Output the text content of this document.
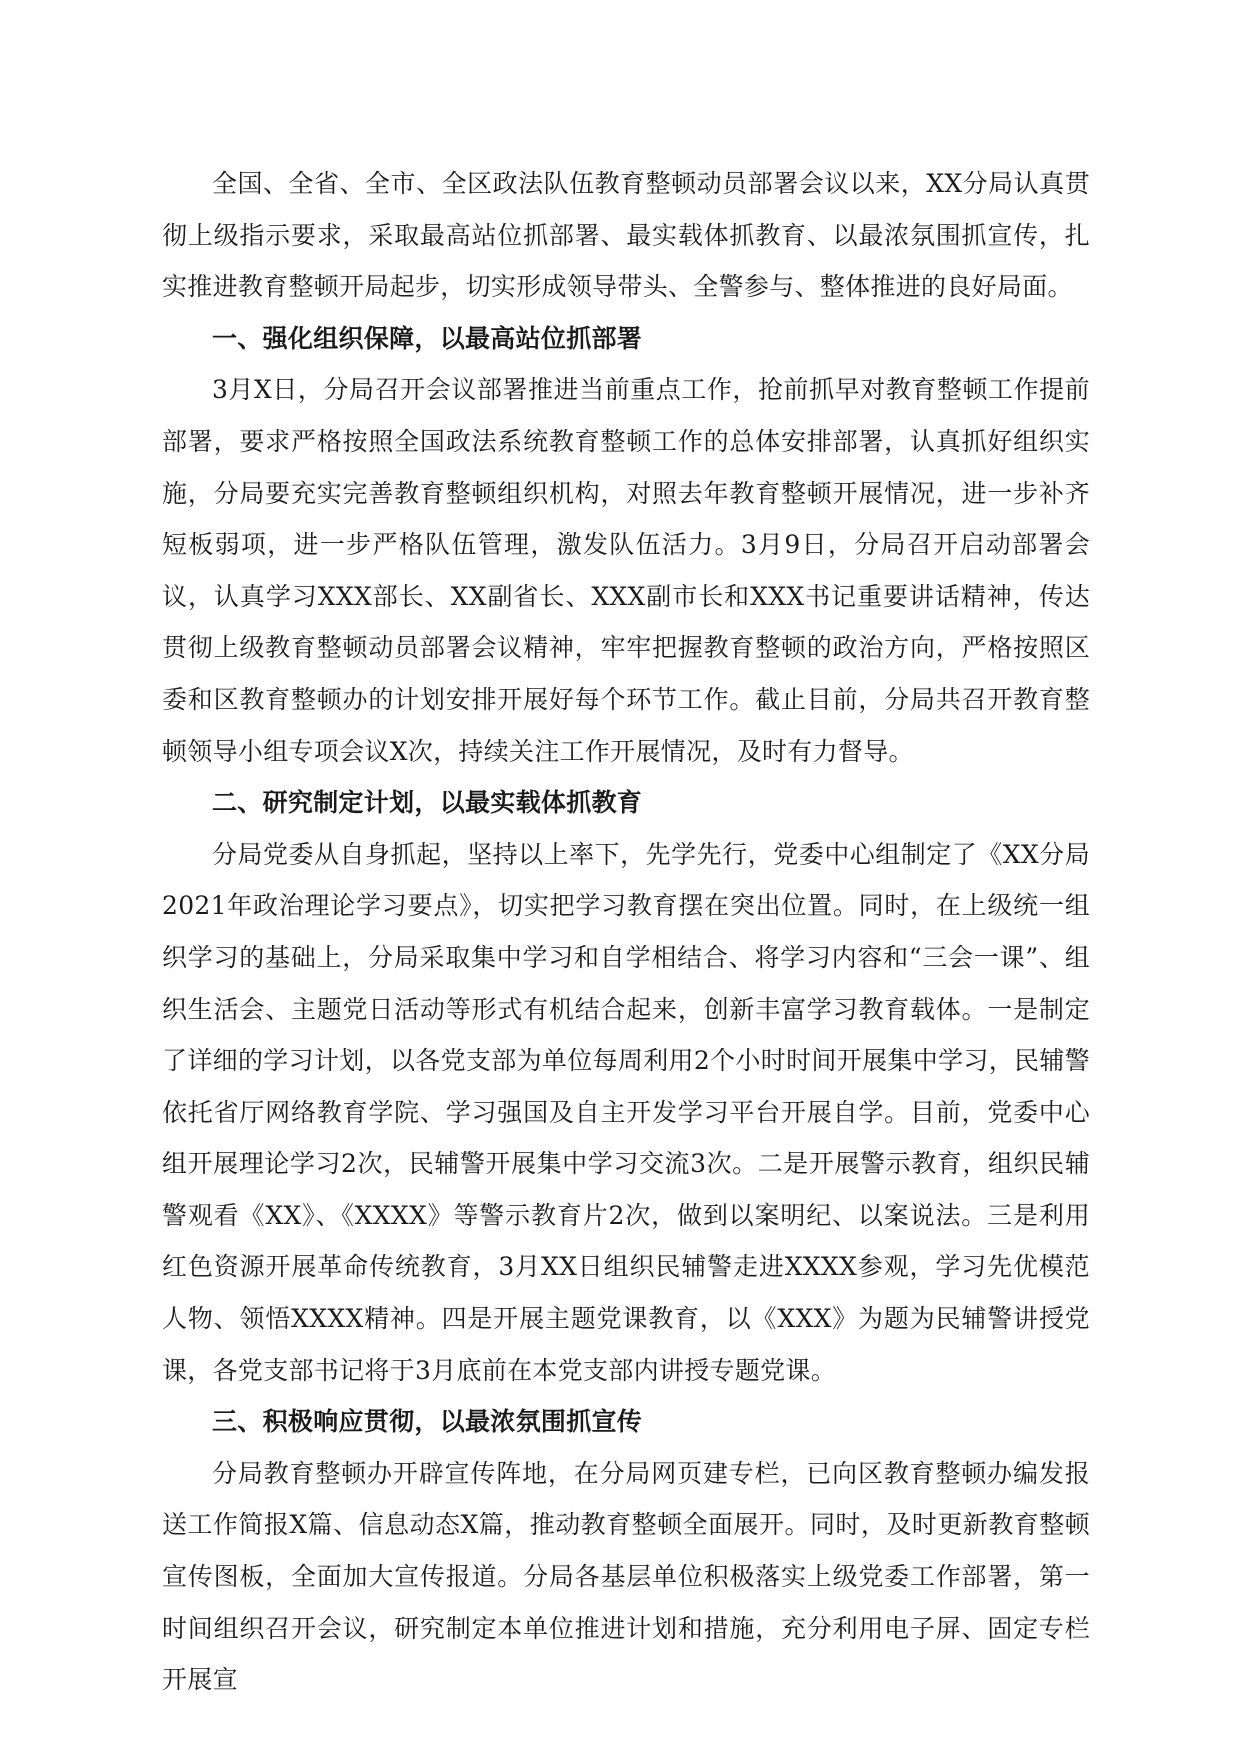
全国、全省、全市、全区政法队伍教育整顿动员部署会议以来，XX分局认真贯彻上级指示要求，采取最高站位抓部署、最实载体抓教育、以最浓氛围抓宣传，扎实推进教育整顿开局起步，切实形成领导带头、全警参与、整体推进的良好局面。

一、强化组织保障，以最高站位抓部署

3月X日，分局召开会议部署推进当前重点工作，抢前抓早对教育整顿工作提前部署，要求严格按照全国政法系统教育整顿工作的总体安排部署，认真抓好组织实施，分局要充实完善教育整顿组织机构，对照去年教育整顿开展情况，进一步补齐短板弱项，进一步严格队伍管理，激发队伍活力。3月9日，分局召开启动部署会议，认真学习XXX部长、XX副省长、XXX副市长和XXX书记重要讲话精神，传达贯彻上级教育整顿动员部署会议精神，牢牢把握教育整顿的政治方向，严格按照区委和区教育整顿办的计划安排开展好每个环节工作。截止目前，分局共召开教育整顿领导小组专项会议X次，持续关注工作开展情况，及时有力督导。

二、研究制定计划，以最实载体抓教育

分局党委从自身抓起，坚持以上率下，先学先行，党委中心组制定了《XX分局2021年政治理论学习要点》，切实把学习教育摆在突出位置。同时，在上级统一组织学习的基础上，分局采取集中学习和自学相结合、将学习内容和“三会一课”、组织生活会、主题党日活动等形式有机结合起来，创新丰富学习教育载体。一是制定了详细的学习计划，以各党支部为单位每周利用2个小时时间开展集中学习，民辅警依托省厅网络教育学院、学习强国及自主开发学习平台开展自学。目前，党委中心组开展理论学习2次，民辅警开展集中学习交流3次。二是开展警示教育，组织民辅警观看《XX》、《XXXX》等警示教育片2次，做到以案明纪、以案说法。三是利用红色资源开展革命传统教育，3月XX日组织民辅警走进XXXX参观，学习先优模范人物、领悟XXXX精神。四是开展主题党课教育，以《XXX》为题为民辅警讲授党课，各党支部书记将于3月底前在本党支部内讲授专题党课。

三、积极响应贯彻，以最浓氛围抓宣传

分局教育整顿办开辟宣传阵地，在分局网页建专栏，已向区教育整顿办编发报送工作简报X篇、信息动态X篇，推动教育整顿全面展开。同时，及时更新教育整顿宣传图板，全面加大宣传报道。分局各基层单位积极落实上级党委工作部署，第一时间组织召开会议，研究制定本单位推进计划和措施，充分利用电子屏、固定专栏开展宣
